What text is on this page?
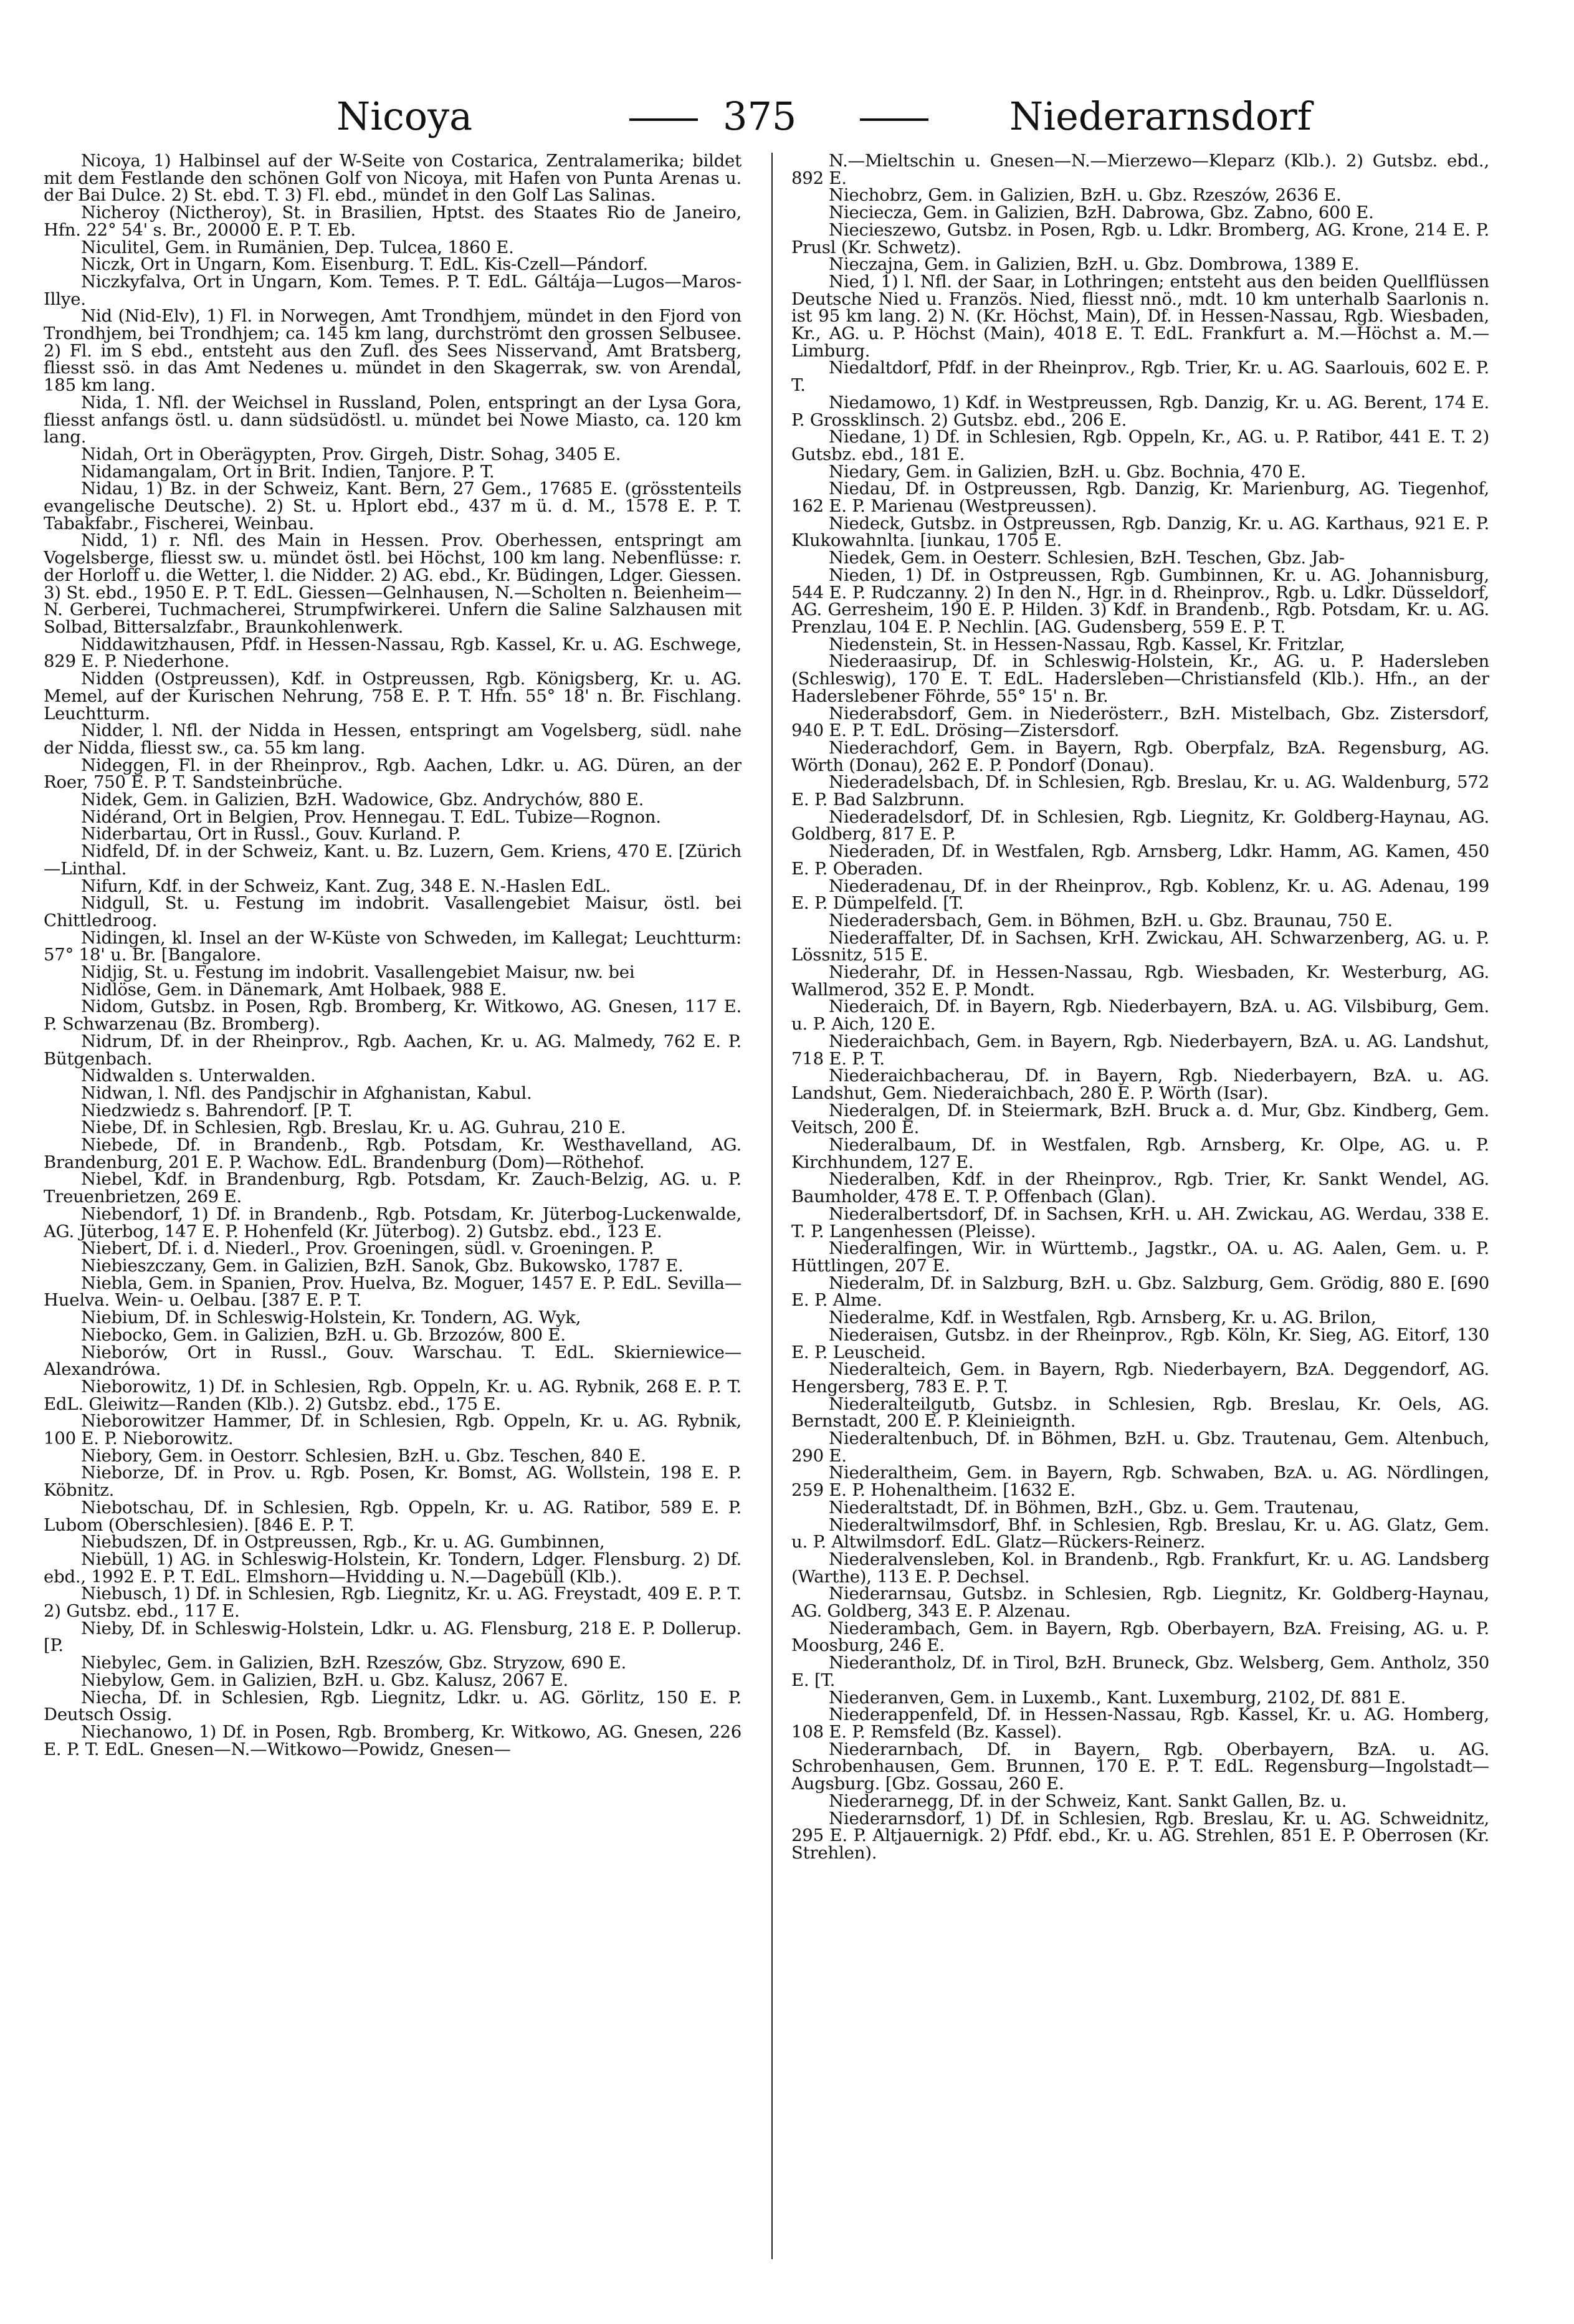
Nicoya	375	Niederarnsdorf

Nicoya, 1) Halbinsel auf der W-Seite von Costarica, Zentralamerika; bildet mit dem Festlande den schönen Golf von Nicoya, mit Hafen von Punta Arenas u. der Bai Dulce. 2) St. ebd. T. 3) Fl. ebd., mündet in den Golf Las Salinas.

Nicheroy (Nictheroy), St. in Brasilien, Hptst. des Staates Rio de Janeiro, Hfn. 22° 54' s. Br., 20000 E. P. T. Eb.

Niculitel, Gem. in Rumänien, Dep. Tulcea, 1860 E.

Niczk, Ort in Ungarn, Kom. Eisenburg. T. EdL. Kis-Czell—Pándorf.

Niczkyfalva, Ort in Ungarn, Kom. Temes. P. T. EdL. Gáltája—Lugos—Maros-Illye.

Nid (Nid-Elv), 1) Fl. in Norwegen, Amt Trondhjem, mündet in den Fjord von Trondhjem, bei Trondhjem; ca. 145 km lang, durchströmt den grossen Selbusee. 2) Fl. im S ebd., entsteht aus den Zufl. des Sees Nisservand, Amt Bratsberg, fliesst ssö. in das Amt Nedenes u. mündet in den Skagerrak, sw. von Arendal, 185 km lang.

Nida, 1. Nfl. der Weichsel in Russland, Polen, entspringt an der Lysa Gora, fliesst anfangs östl. u. dann südsüdöstl. u. mündet bei Nowe Miasto, ca. 120 km lang.

Nidah, Ort in Oberägypten, Prov. Girgeh, Distr. Sohag, 3405 E.

Nidamangalam, Ort in Brit. Indien, Tanjore. P. T.

Nidau, 1) Bz. in der Schweiz, Kant. Bern, 27 Gem., 17685 E. (grösstenteils evangelische Deutsche). 2) St. u. Hplort ebd., 437 m ü. d. M., 1578 E. P. T. Tabakfabr., Fischerei, Weinbau.

Nidd, 1) r. Nfl. des Main in Hessen. Prov. Oberhessen, entspringt am Vogelsberge, fliesst sw. u. mündet östl. bei Höchst, 100 km lang. Nebenflüsse: r. der Horloff u. die Wetter, l. die Nidder. 2) AG. ebd., Kr. Büdingen, Ldger. Giessen. 3) St. ebd., 1950 E. P. T. EdL. Giessen—Gelnhausen, N.—Scholten n. Beienheim—N. Gerberei, Tuchmacherei, Strumpfwirkerei. Unfern die Saline Salzhausen mit Solbad, Bittersalzfabr., Braunkohlenwerk.

Niddawitzhausen, Pfdf. in Hessen-Nassau, Rgb. Kassel, Kr. u. AG. Eschwege, 829 E. P. Niederhone.

Nidden (Ostpreussen), Kdf. in Ostpreussen, Rgb. Königsberg, Kr. u. AG. Memel, auf der Kurischen Nehrung, 758 E. P. T. Hfn. 55° 18' n. Br. Fischlang. Leuchtturm.

Nidder, l. Nfl. der Nidda in Hessen, entspringt am Vogelsberg, südl. nahe der Nidda, fliesst sw., ca. 55 km lang.

Nideggen, Fl. in der Rheinprov., Rgb. Aachen, Ldkr. u. AG. Düren, an der Roer, 750 E. P. T. Sandsteinbrüche.

Nidek, Gem. in Galizien, BzH. Wadowice, Gbz. Andrychów, 880 E.

Nidérand, Ort in Belgien, Prov. Hennegau. T. EdL. Tubize—Rognon.

Niderbartau, Ort in Russl., Gouv. Kurland. P.

Nidfeld, Df. in der Schweiz, Kant. u. Bz. Luzern, Gem. Kriens, 470 E. [Zürich—Linthal.

Nifurn, Kdf. in der Schweiz, Kant. Zug, 348 E. N.-Haslen EdL.

Nidgull, St. u. Festung im indobrit. Vasallengebiet Maisur, östl. bei Chittledroog.

Nidingen, kl. Insel an der W-Küste von Schweden, im Kallegat; Leuchtturm: 57° 18' u. Br. [Bangalore.

Nidjig, St. u. Festung im indobrit. Vasallengebiet Maisur, nw. bei

Nidlöse, Gem. in Dänemark, Amt Holbaek, 988 E.

Nidom, Gutsbz. in Posen, Rgb. Bromberg, Kr. Witkowo, AG. Gnesen, 117 E. P. Schwarzenau (Bz. Bromberg).

Nidrum, Df. in der Rheinprov., Rgb. Aachen, Kr. u. AG. Malmedy, 762 E. P. Bütgenbach.

Nidwalden s. Unterwalden.

Nidwan, l. Nfl. des Pandjschir in Afghanistan, Kabul.

Niedzwiedz s. Bahrendorf. [P. T.

Niebe, Df. in Schlesien, Rgb. Breslau, Kr. u. AG. Guhrau, 210 E.

Niebede, Df. in Brandenb., Rgb. Potsdam, Kr. Westhavelland, AG. Brandenburg, 201 E. P. Wachow. EdL. Brandenburg (Dom)—Röthehof.

Niebel, Kdf. in Brandenburg, Rgb. Potsdam, Kr. Zauch-Belzig, AG. u. P. Treuenbrietzen, 269 E.

Niebendorf, 1) Df. in Brandenb., Rgb. Potsdam, Kr. Jüterbog-Luckenwalde, AG. Jüterbog, 147 E. P. Hohenfeld (Kr. Jüterbog). 2) Gutsbz. ebd., 123 E.

Niebert, Df. i. d. Niederl., Prov. Groeningen, südl. v. Groeningen. P.

Niebieszczany, Gem. in Galizien, BzH. Sanok, Gbz. Bukowsko, 1787 E.

Niebla, Gem. in Spanien, Prov. Huelva, Bz. Moguer, 1457 E. P. EdL. Sevilla—Huelva. Wein- u. Oelbau. [387 E. P. T.

Niebium, Df. in Schleswig-Holstein, Kr. Tondern, AG. Wyk,

Niebocko, Gem. in Galizien, BzH. u. Gb. Brzozów, 800 E.

Nieborów, Ort in Russl., Gouv. Warschau. T. EdL. Skierniewice—Alexandrówa.

Nieborowitz, 1) Df. in Schlesien, Rgb. Oppeln, Kr. u. AG. Rybnik, 268 E. P. T. EdL. Gleiwitz—Randen (Klb.). 2) Gutsbz. ebd., 175 E.

Nieborowitzer Hammer, Df. in Schlesien, Rgb. Oppeln, Kr. u. AG. Rybnik, 100 E. P. Nieborowitz.

Niebory, Gem. in Oestorr. Schlesien, BzH. u. Gbz. Teschen, 840 E.

Nieborze, Df. in Prov. u. Rgb. Posen, Kr. Bomst, AG. Wollstein, 198 E. P. Köbnitz.

Niebotschau, Df. in Schlesien, Rgb. Oppeln, Kr. u. AG. Ratibor, 589 E. P. Lubom (Oberschlesien). [846 E. P. T.

Niebudszen, Df. in Ostpreussen, Rgb., Kr. u. AG. Gumbinnen,

Niebüll, 1) AG. in Schleswig-Holstein, Kr. Tondern, Ldger. Flensburg. 2) Df. ebd., 1992 E. P. T. EdL. Elmshorn—Hvidding u. N.—Dagebüll (Klb.).

Niebusch, 1) Df. in Schlesien, Rgb. Liegnitz, Kr. u. AG. Freystadt, 409 E. P. T. 2) Gutsbz. ebd., 117 E.

Nieby, Df. in Schleswig-Holstein, Ldkr. u. AG. Flensburg, 218 E. P. Dollerup. [P.

Niebylec, Gem. in Galizien, BzH. Rzeszów, Gbz. Stryzow, 690 E.

Niebylow, Gem. in Galizien, BzH. u. Gbz. Kalusz, 2067 E.

Niecha, Df. in Schlesien, Rgb. Liegnitz, Ldkr. u. AG. Görlitz, 150 E. P. Deutsch Ossig.

Niechanowo, 1) Df. in Posen, Rgb. Bromberg, Kr. Witkowo, AG. Gnesen, 226 E. P. T. EdL. Gnesen—N.—Witkowo—Powidz, Gnesen—

N.—Mieltschin u. Gnesen—N.—Mierzewo—Kleparz (Klb.). 2) Gutsbz. ebd., 892 E.

Niechobrz, Gem. in Galizien, BzH. u. Gbz. Rzeszów, 2636 E.

Niecieczа, Gem. in Galizien, BzH. Dabrowa, Gbz. Zabno, 600 E.

Niecieszewo, Gutsbz. in Posen, Rgb. u. Ldkr. Bromberg, AG. Krone, 214 E. P. Prusl (Kr. Schwetz).

Nieczajna, Gem. in Galizien, BzH. u. Gbz. Dombrowa, 1389 E.

Nied, 1) l. Nfl. der Saar, in Lothringen; entsteht aus den beiden Quellflüssen Deutsche Nied u. Französ. Nied, fliesst nnö., mdt. 10 km unterhalb Saarlonis n. ist 95 km lang. 2) N. (Kr. Höchst, Main), Df. in Hessen-Nassau, Rgb. Wiesbaden, Kr., AG. u. P. Höchst (Main), 4018 E. T. EdL. Frankfurt a. M.—Höchst a. M.—Limburg.

Niedaltdorf, Pfdf. in der Rheinprov., Rgb. Trier, Kr. u. AG. Saarlouis, 602 E. P. T.

Niedamowo, 1) Kdf. in Westpreussen, Rgb. Danzig, Kr. u. AG. Berent, 174 E. P. Grossklinsch. 2) Gutsbz. ebd., 206 E.

Niedane, 1) Df. in Schlesien, Rgb. Oppeln, Kr., AG. u. P. Ratibor, 441 E. T. 2) Gutsbz. ebd., 181 E.

Niedary, Gem. in Galizien, BzH. u. Gbz. Bochnia, 470 E.

Niedau, Df. in Ostpreussen, Rgb. Danzig, Kr. Marienburg, AG. Tiegenhof, 162 E. P. Marienau (Westpreussen).

Niedeck, Gutsbz. in Ostpreussen, Rgb. Danzig, Kr. u. AG. Karthaus, 921 E. P. Klukowahnlta. [iunkau, 1705 E.

Niedek, Gem. in Oesterr. Schlesien, BzH. Teschen, Gbz. Jab-

Nieden, 1) Df. in Ostpreussen, Rgb. Gumbinnen, Kr. u. AG. Johannisburg, 544 E. P. Rudczanny. 2) In den N., Hgr. in d. Rheinprov., Rgb. u. Ldkr. Düsseldorf, AG. Gerresheim, 190 E. P. Hilden. 3) Kdf. in Brandenb., Rgb. Potsdam, Kr. u. AG. Prenzlau, 104 E. P. Nechlin. [AG. Gudensberg, 559 E. P. T.

Niedenstein, St. in Hessen-Nassau, Rgb. Kassel, Kr. Fritzlar,

Niederaasirup, Df. in Schleswig-Holstein, Kr., AG. u. P. Hadersleben (Schleswig), 170 E. T. EdL. Hadersleben—Christiansfeld (Klb.). Hfn., an der Haderslebener Föhrde, 55° 15' n. Br.

Niederabsdorf, Gem. in Niederösterr., BzH. Mistelbach, Gbz. Zistersdorf, 940 E. P. T. EdL. Drösing—Zistersdorf.

Niederachdorf, Gem. in Bayern, Rgb. Oberpfalz, BzA. Regensburg, AG. Wörth (Donau), 262 E. P. Pondorf (Donau).

Niederadelsbach, Df. in Schlesien, Rgb. Breslau, Kr. u. AG. Waldenburg, 572 E. P. Bad Salzbrunn.

Niederadelsdorf, Df. in Schlesien, Rgb. Liegnitz, Kr. Goldberg-Haynau, AG. Goldberg, 817 E. P.

Niederaden, Df. in Westfalen, Rgb. Arnsberg, Ldkr. Hamm, AG. Kamen, 450 E. P. Oberaden.

Niederadenau, Df. in der Rheinprov., Rgb. Koblenz, Kr. u. AG. Adenau, 199 E. P. Dümpelfeld. [T.

Niederadersbach, Gem. in Böhmen, BzH. u. Gbz. Braunau, 750 E.

Niederaffalter, Df. in Sachsen, KrH. Zwickau, AH. Schwarzenberg, AG. u. P. Lössnitz, 515 E.

Niederahr, Df. in Hessen-Nassau, Rgb. Wiesbaden, Kr. Westerburg, AG. Wallmerod, 352 E. P. Mondt.

Niederaich, Df. in Bayern, Rgb. Niederbayern, BzA. u. AG. Vilsbiburg, Gem. u. P. Aich, 120 E.

Niederaichbach, Gem. in Bayern, Rgb. Niederbayern, BzA. u. AG. Landshut, 718 E. P. T.

Niederaichbacherau, Df. in Bayern, Rgb. Niederbayern, BzA. u. AG. Landshut, Gem. Niederaichbach, 280 E. P. Wörth (Isar).

Niederalgen, Df. in Steiermark, BzH. Bruck a. d. Mur, Gbz. Kindberg, Gem. Veitsch, 200 E.

Niederalbaum, Df. in Westfalen, Rgb. Arnsberg, Kr. Olpe, AG. u. P. Kirchhundem, 127 E.

Niederalben, Kdf. in der Rheinprov., Rgb. Trier, Kr. Sankt Wendel, AG. Baumholder, 478 E. T. P. Offenbach (Glan).

Niederalbertsdorf, Df. in Sachsen, KrH. u. AH. Zwickau, AG. Werdau, 338 E. T. P. Langenhessen (Pleisse).

Niederalfingen, Wir. in Württemb., Jagstkr., OA. u. AG. Aalen, Gem. u. P. Hüttlingen, 207 E.

Niederalm, Df. in Salzburg, BzH. u. Gbz. Salzburg, Gem. Grödig, 880 E. [690 E. P. Alme.

Niederalme, Kdf. in Westfalen, Rgb. Arnsberg, Kr. u. AG. Brilon,

Niederaisen, Gutsbz. in der Rheinprov., Rgb. Köln, Kr. Sieg, AG. Eitorf, 130 E. P. Leuscheid.

Niederalteich, Gem. in Bayern, Rgb. Niederbayern, BzA. Deggendorf, AG. Hengersberg, 783 E. P. T.

Niederalteilgutb, Gutsbz. in Schlesien, Rgb. Breslau, Kr. Oels, AG. Bernstadt, 200 E. P. Kleinieignth.

Niederaltenbuch, Df. in Böhmen, BzH. u. Gbz. Trautenau, Gem. Altenbuch, 290 E.

Niederaltheim, Gem. in Bayern, Rgb. Schwaben, BzA. u. AG. Nördlingen, 259 E. P. Hohenaltheim. [1632 E.

Niederaltstadt, Df. in Böhmen, BzH., Gbz. u. Gem. Trautenau,

Niederaltwilmsdorf, Bhf. in Schlesien, Rgb. Breslau, Kr. u. AG. Glatz, Gem. u. P. Altwilmsdorf. EdL. Glatz—Rückers-Reinerz.

Niederalvensleben, Kol. in Brandenb., Rgb. Frankfurt, Kr. u. AG. Landsberg (Warthe), 113 E. P. Dechsel.

Niederarnsau, Gutsbz. in Schlesien, Rgb. Liegnitz, Kr. Goldberg-Haynau, AG. Goldberg, 343 E. P. Alzenau.

Niederambach, Gem. in Bayern, Rgb. Oberbayern, BzA. Freising, AG. u. P. Moosburg, 246 E.

Niederantholz, Df. in Tirol, BzH. Bruneck, Gbz. Welsberg, Gem. Antholz, 350 E. [T.

Niederanven, Gem. in Luxemb., Kant. Luxemburg, 2102, Df. 881 E.

Niederappenfeld, Df. in Hessen-Nassau, Rgb. Kassel, Kr. u. AG. Homberg, 108 E. P. Remsfeld (Bz. Kassel).

Niederarnbach, Df. in Bayern, Rgb. Oberbayern, BzA. u. AG. Schrobenhausen, Gem. Brunnen, 170 E. P. T. EdL. Regensburg—Ingolstadt—Augsburg. [Gbz. Gossau, 260 E.

Niederarnegg, Df. in der Schweiz, Kant. Sankt Gallen, Bz. u.

Niederarnsdorf, 1) Df. in Schlesien, Rgb. Breslau, Kr. u. AG. Schweidnitz, 295 E. P. Altjauernigk. 2) Pfdf. ebd., Kr. u. AG. Strehlen, 851 E. P. Oberrosen (Kr. Strehlen).
